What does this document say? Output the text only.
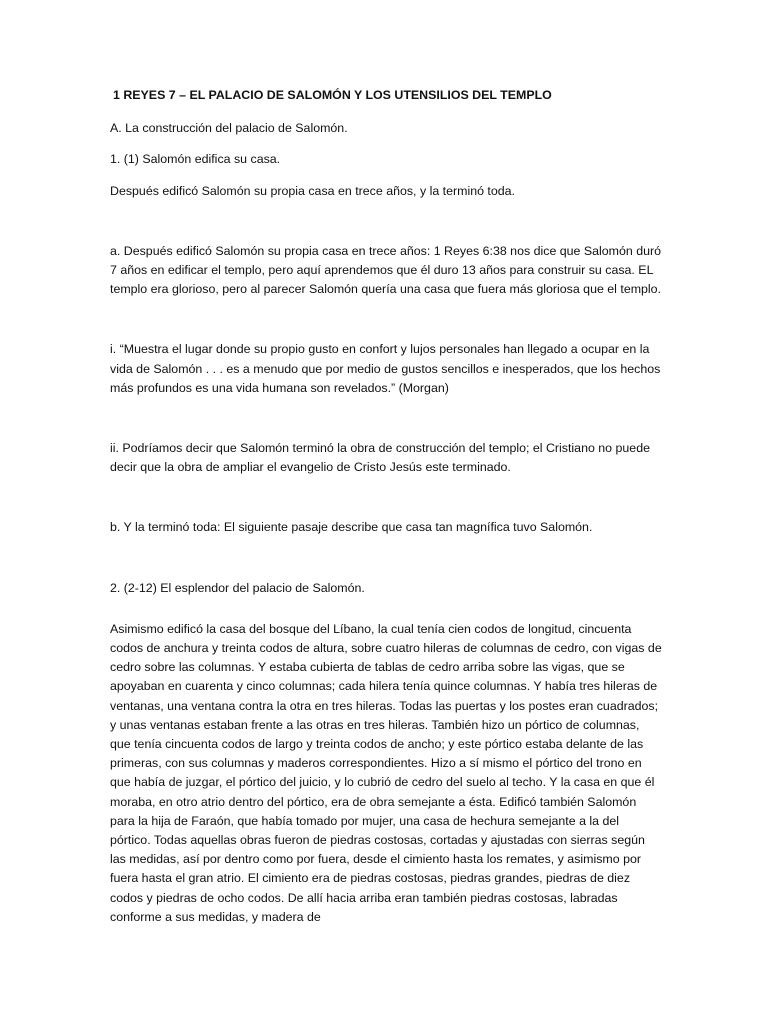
1 REYES 7 – EL PALACIO DE SALOMÓN Y LOS UTENSILIOS DEL TEMPLO

A. La construcción del palacio de Salomón.

1. (1) Salomón edifica su casa.

Después edificó Salomón su propia casa en trece años, y la terminó toda.

a. Después edificó Salomón su propia casa en trece años: 1 Reyes 6:38 nos dice que Salomón duró 7 años en edificar el templo, pero aquí aprendemos que él duro 13 años para construir su casa. EL templo era glorioso, pero al parecer Salomón quería una casa que fuera más gloriosa que el templo.

i. “Muestra el lugar donde su propio gusto en confort y lujos personales han llegado a ocupar en la vida de Salomón . . . es a menudo que por medio de gustos sencillos e inesperados, que los hechos más profundos es una vida humana son revelados.” (Morgan)

ii. Podríamos decir que Salomón terminó la obra de construcción del templo; el Cristiano no puede decir que la obra de ampliar el evangelio de Cristo Jesús este terminado.

b. Y la terminó toda: El siguiente pasaje describe que casa tan magnífica tuvo Salomón.

2. (2-12) El esplendor del palacio de Salomón.

Asimismo edificó la casa del bosque del Líbano, la cual tenía cien codos de longitud, cincuenta codos de anchura y treinta codos de altura, sobre cuatro hileras de columnas de cedro, con vigas de cedro sobre las columnas. Y estaba cubierta de tablas de cedro arriba sobre las vigas, que se apoyaban en cuarenta y cinco columnas; cada hilera tenía quince columnas. Y había tres hileras de ventanas, una ventana contra la otra en tres hileras. Todas las puertas y los postes eran cuadrados; y unas ventanas estaban frente a las otras en tres hileras. También hizo un pórtico de columnas, que tenía cincuenta codos de largo y treinta codos de ancho; y este pórtico estaba delante de las primeras, con sus columnas y maderos correspondientes. Hizo a sí mismo el pórtico del trono en que había de juzgar, el pórtico del juicio, y lo cubrió de cedro del suelo al techo. Y la casa en que él moraba, en otro atrio dentro del pórtico, era de obra semejante a ésta. Edificó también Salomón para la hija de Faraón, que había tomado por mujer, una casa de hechura semejante a la del pórtico. Todas aquellas obras fueron de piedras costosas, cortadas y ajustadas con sierras según las medidas, así por dentro como por fuera, desde el cimiento hasta los remates, y asimismo por fuera hasta el gran atrio. El cimiento era de piedras costosas, piedras grandes, piedras de diez codos y piedras de ocho codos. De allí hacia arriba eran también piedras costosas, labradas conforme a sus medidas, y madera de
